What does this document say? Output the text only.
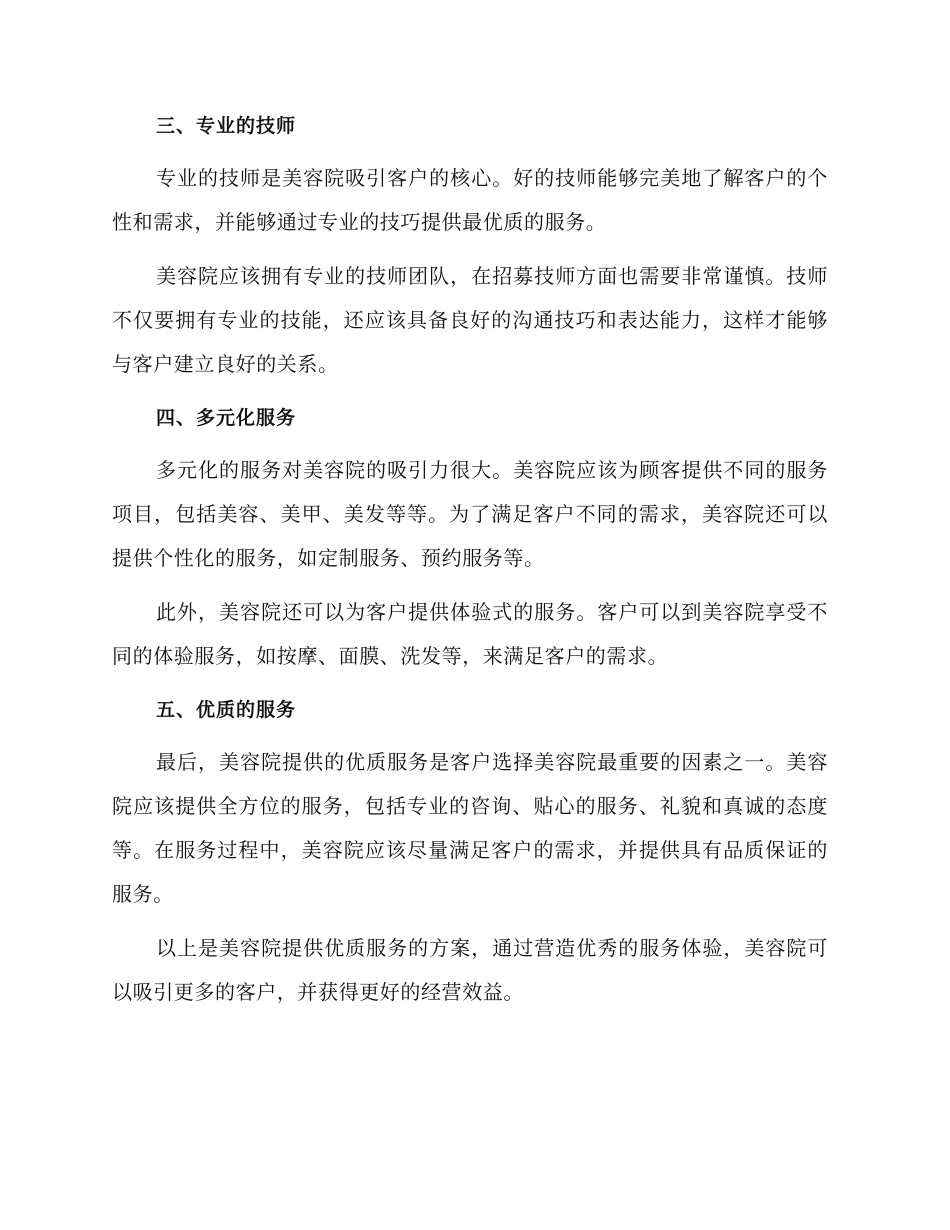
三、专业的技师

专业的技师是美容院吸引客户的核心。好的技师能够完美地了解客户的个性和需求，并能够通过专业的技巧提供最优质的服务。

美容院应该拥有专业的技师团队，在招募技师方面也需要非常谨慎。技师不仅要拥有专业的技能，还应该具备良好的沟通技巧和表达能力，这样才能够与客户建立良好的关系。

四、多元化服务

多元化的服务对美容院的吸引力很大。美容院应该为顾客提供不同的服务项目，包括美容、美甲、美发等等。为了满足客户不同的需求，美容院还可以提供个性化的服务，如定制服务、预约服务等。

此外，美容院还可以为客户提供体验式的服务。客户可以到美容院享受不同的体验服务，如按摩、面膜、洗发等，来满足客户的需求。

五、优质的服务

最后，美容院提供的优质服务是客户选择美容院最重要的因素之一。美容院应该提供全方位的服务，包括专业的咨询、贴心的服务、礼貌和真诚的态度等。在服务过程中，美容院应该尽量满足客户的需求，并提供具有品质保证的服务。

以上是美容院提供优质服务的方案，通过营造优秀的服务体验，美容院可以吸引更多的客户，并获得更好的经营效益。
